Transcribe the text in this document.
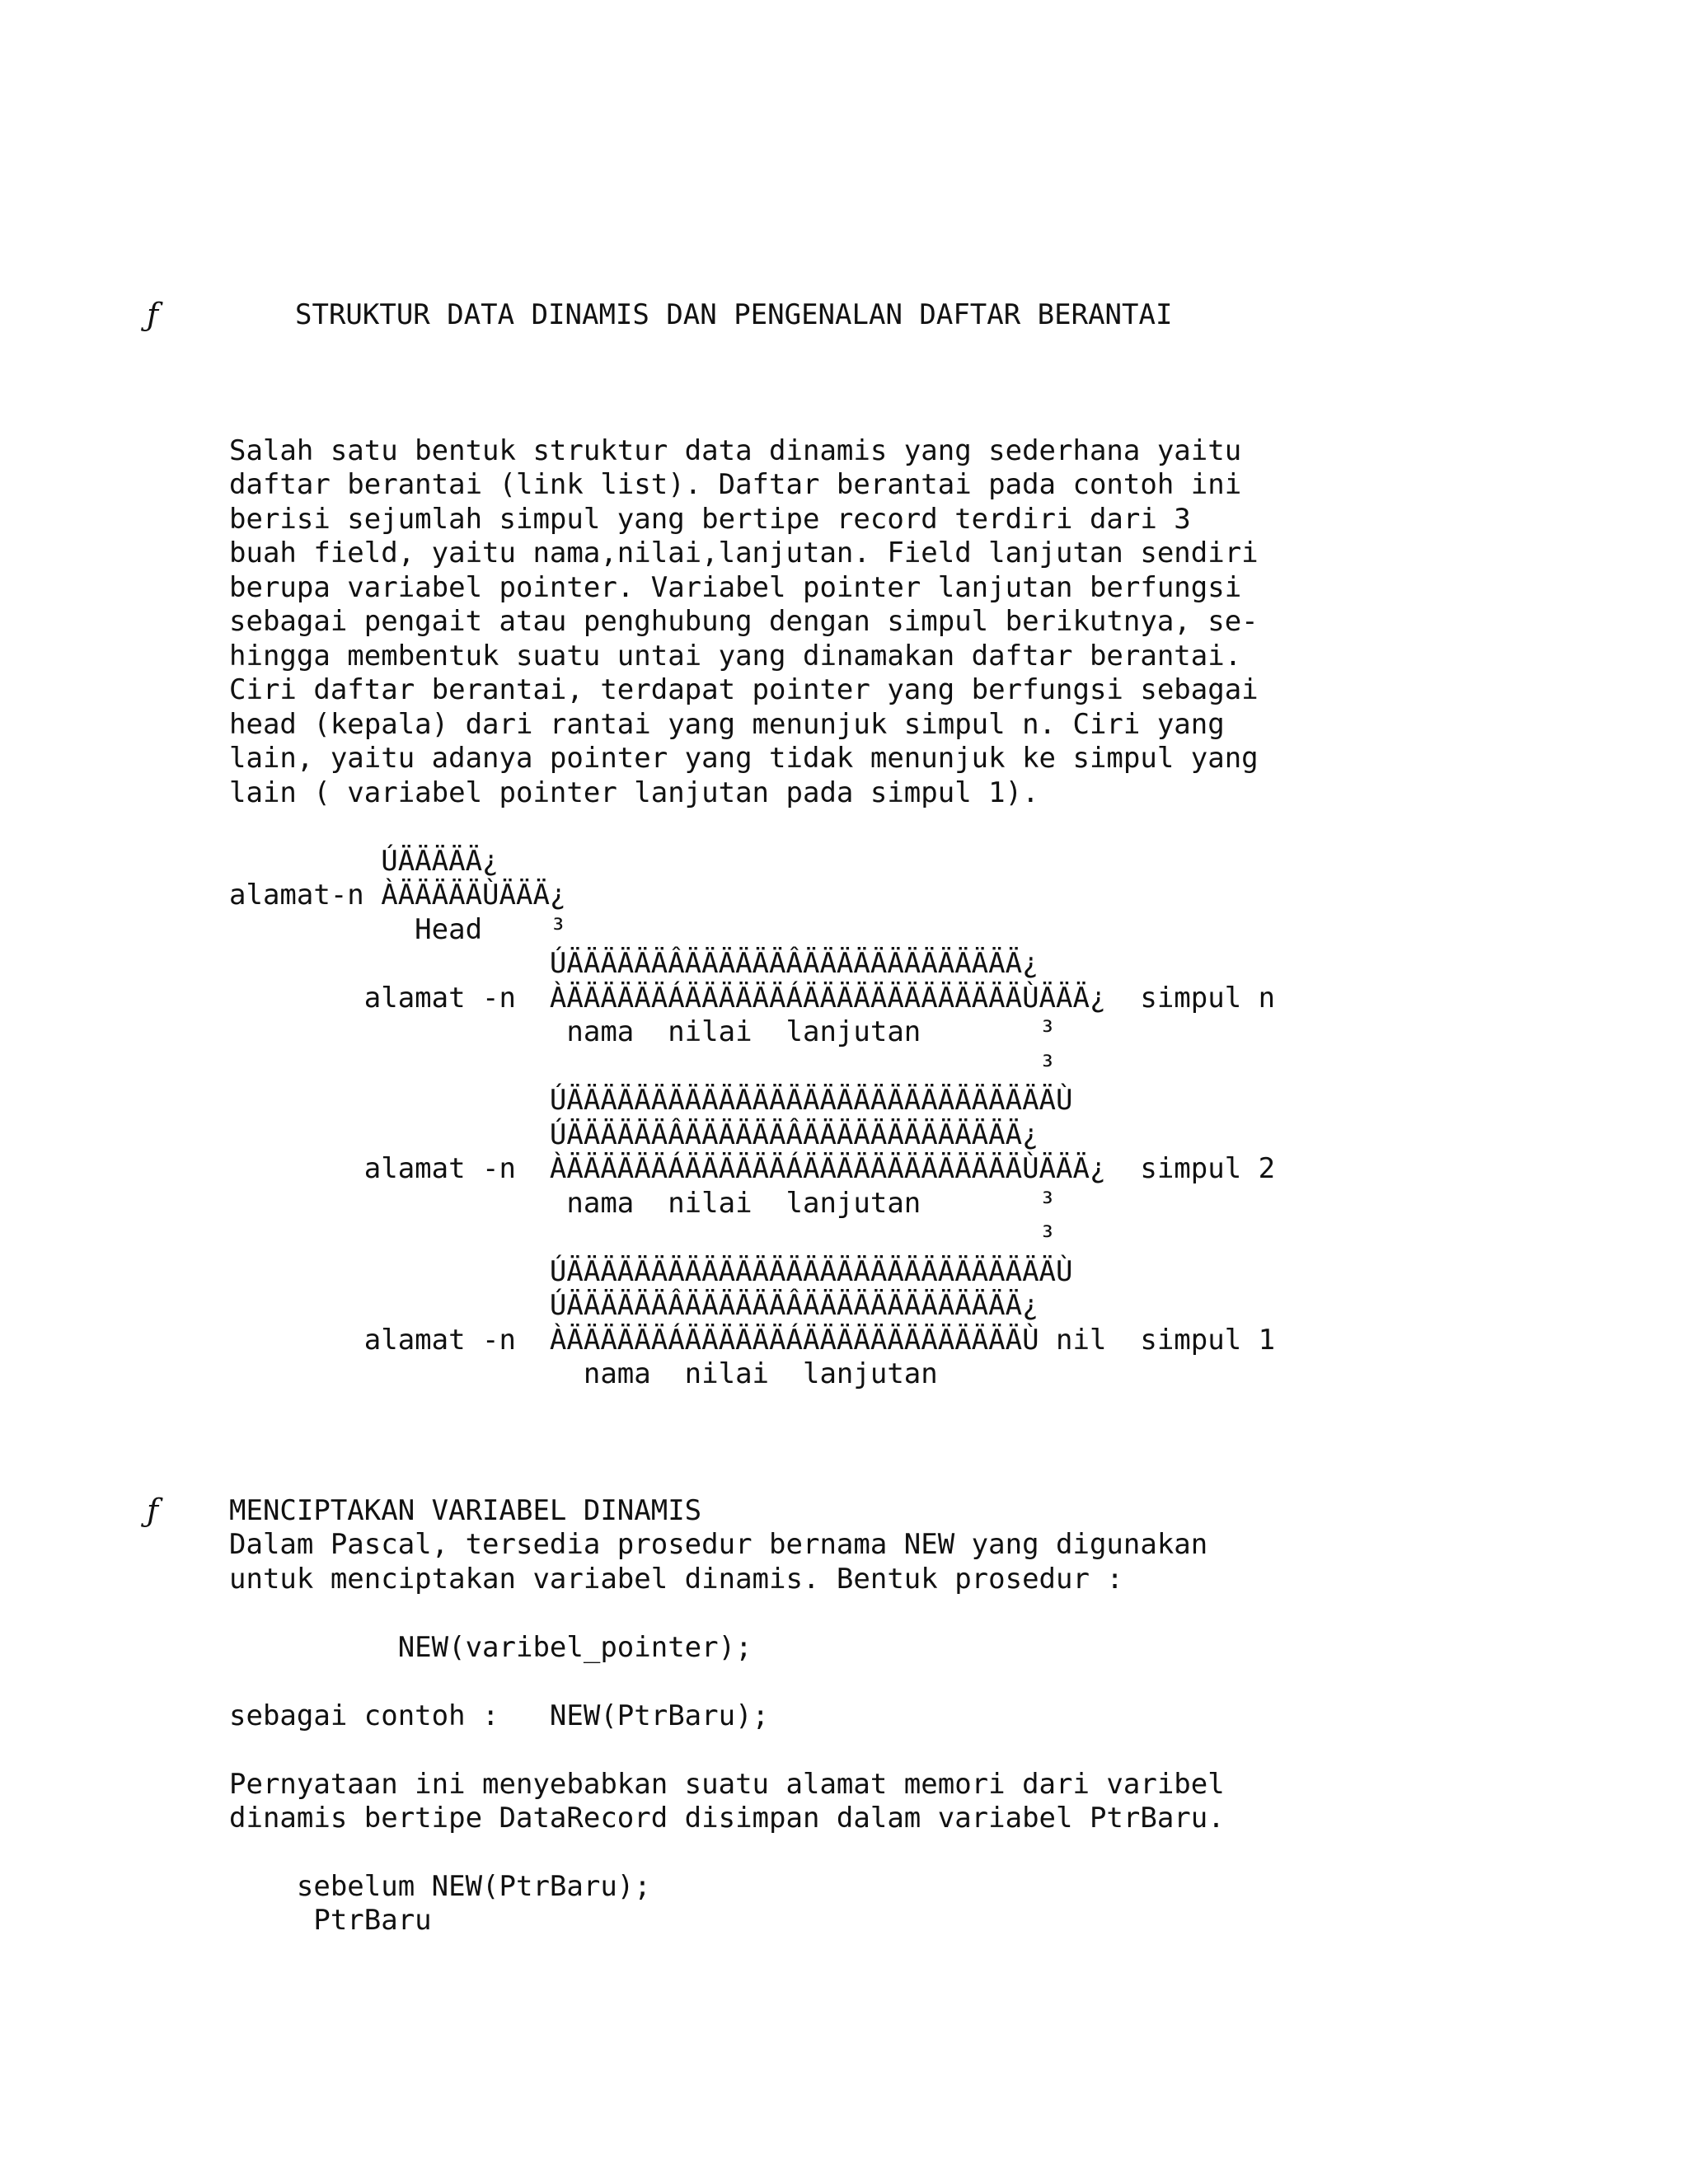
ƒ	STRUKTUR DATA DINAMIS DAN PENGENALAN DAFTAR BERANTAI
Salah satu bentuk struktur data dinamis yang sederhana yaitu
daftar berantai (link list). Daftar berantai pada contoh ini
berisi sejumlah simpul yang bertipe record terdiri dari 3
buah field, yaitu nama,nilai,lanjutan. Field lanjutan sendiri
berupa variabel pointer. Variabel pointer lanjutan berfungsi
sebagai pengait atau penghubung dengan simpul berikutnya, se-
hingga membentuk suatu untai yang dinamakan daftar berantai.
Ciri daftar berantai, terdapat pointer yang berfungsi sebagai
head (kepala) dari rantai yang menunjuk simpul n. Ciri yang
lain, yaitu adanya pointer yang tidak menunjuk ke simpul yang
lain ( variabel pointer lanjutan pada simpul 1).
ÚÄÄÄÄÄ¿
alamat-n ÀÄÄÄÄÄÙÄÄÄ¿
Head    ³
ÚÄÄÄÄÄÄÂÄÄÄÄÄÄÂÄÄÄÄÄÄÄÄÄÄÄÄÄ¿
alamat -n  ÀÄÄÄÄÄÄÁÄÄÄÄÄÄÁÄÄÄÄÄÄÄÄÄÄÄÄÄÙÄÄÄ¿  simpul n
nama  nilai  lanjutan       ³
³
ÚÄÄÄÄÄÄÄÄÄÄÄÄÄÄÄÄÄÄÄÄÄÄÄÄÄÄÄÄÄÙ
ÚÄÄÄÄÄÄÂÄÄÄÄÄÄÂÄÄÄÄÄÄÄÄÄÄÄÄÄ¿
alamat -n  ÀÄÄÄÄÄÄÁÄÄÄÄÄÄÁÄÄÄÄÄÄÄÄÄÄÄÄÄÙÄÄÄ¿  simpul 2
nama  nilai  lanjutan       ³
³
ÚÄÄÄÄÄÄÄÄÄÄÄÄÄÄÄÄÄÄÄÄÄÄÄÄÄÄÄÄÄÙ
ÚÄÄÄÄÄÄÂÄÄÄÄÄÄÂÄÄÄÄÄÄÄÄÄÄÄÄÄ¿
alamat -n  ÀÄÄÄÄÄÄÁÄÄÄÄÄÄÁÄÄÄÄÄÄÄÄÄÄÄÄÄÙ nil  simpul 1
nama  nilai  lanjutan
ƒ	MENCIPTAKAN VARIABEL DINAMIS
Dalam Pascal, tersedia prosedur bernama NEW yang digunakan
untuk menciptakan variabel dinamis. Bentuk prosedur :
NEW(varibel_pointer);
sebagai contoh :   NEW(PtrBaru);
Pernyataan ini menyebabkan suatu alamat memori dari varibel
dinamis bertipe DataRecord disimpan dalam variabel PtrBaru.
sebelum NEW(PtrBaru);
PtrBaru
